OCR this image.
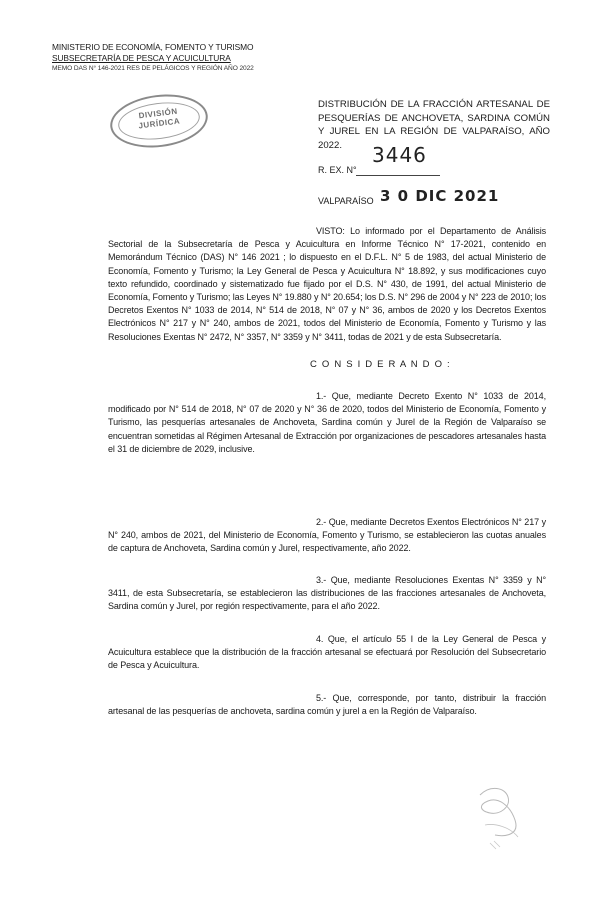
MINISTERIO DE ECONOMÍA, FOMENTO Y TURISMO
SUBSECRETARÍA DE PESCA Y ACUICULTURA
MEMO DAS N° 146-2021 RES DE PELÁGICOS Y REGIÓN AÑO 2022
DIVISIÓN
JURÍDICA
DISTRIBUCIÓN DE LA FRACCIÓN ARTESANAL DE PESQUERÍAS DE ANCHOVETA, SARDINA COMÚN Y JUREL EN LA REGIÓN DE VALPARAÍSO, AÑO 2022.
R. EX. N°
3446
VALPARAÍSO 3 0 DIC 2021
VISTO: Lo informado por el Departamento de Análisis Sectorial de la Subsecretaría de Pesca y Acuicultura en Informe Técnico N° 17-2021, contenido en Memorándum Técnico (DAS) N° 146 2021 ; lo dispuesto en el D.F.L. N° 5 de 1983, del actual Ministerio de Economía, Fomento y Turismo; la Ley General de Pesca y Acuicultura N° 18.892, y sus modificaciones cuyo texto refundido, coordinado y sistematizado fue fijado por el D.S. N° 430, de 1991, del actual Ministerio de Economía, Fomento y Turismo; las Leyes N° 19.880 y N° 20.654; los D.S. N° 296 de 2004 y N° 223 de 2010; los Decretos Exentos N° 1033 de 2014, N° 514 de 2018, N° 07 y N° 36, ambos de 2020 y los Decretos Exentos Electrónicos N° 217 y N° 240, ambos de 2021, todos del Ministerio de Economía, Fomento y Turismo y las Resoluciones Exentas N° 2472, N° 3357, N° 3359 y N° 3411, todas de 2021 y de esta Subsecretaría.
C O N S I D E R A N D O :
1.- Que, mediante Decreto Exento N° 1033 de 2014, modificado por N° 514 de 2018, N° 07 de 2020 y N° 36 de 2020, todos del Ministerio de Economía, Fomento y Turismo, las pesquerías artesanales de Anchoveta, Sardina común y Jurel de la Región de Valparaíso se encuentran sometidas al Régimen Artesanal de Extracción por organizaciones de pescadores artesanales hasta el 31 de diciembre de 2029, inclusive.
2.- Que, mediante Decretos Exentos Electrónicos N° 217 y N° 240, ambos de 2021, del Ministerio de Economía, Fomento y Turismo, se establecieron las cuotas anuales de captura de Anchoveta, Sardina común y Jurel, respectivamente, año 2022.
3.- Que, mediante Resoluciones Exentas N° 3359 y N° 3411, de esta Subsecretaría, se establecieron las distribuciones de las fracciones artesanales de Anchoveta, Sardina común y Jurel, por región respectivamente, para el año 2022.
4. Que, el artículo 55 I de la Ley General de Pesca y Acuicultura establece que la distribución de la fracción artesanal se efectuará por Resolución del Subsecretario de Pesca y Acuicultura.
5.- Que, corresponde, por tanto, distribuir la fracción artesanal de las pesquerías de anchoveta, sardina común y jurel a en la Región de Valparaíso.
